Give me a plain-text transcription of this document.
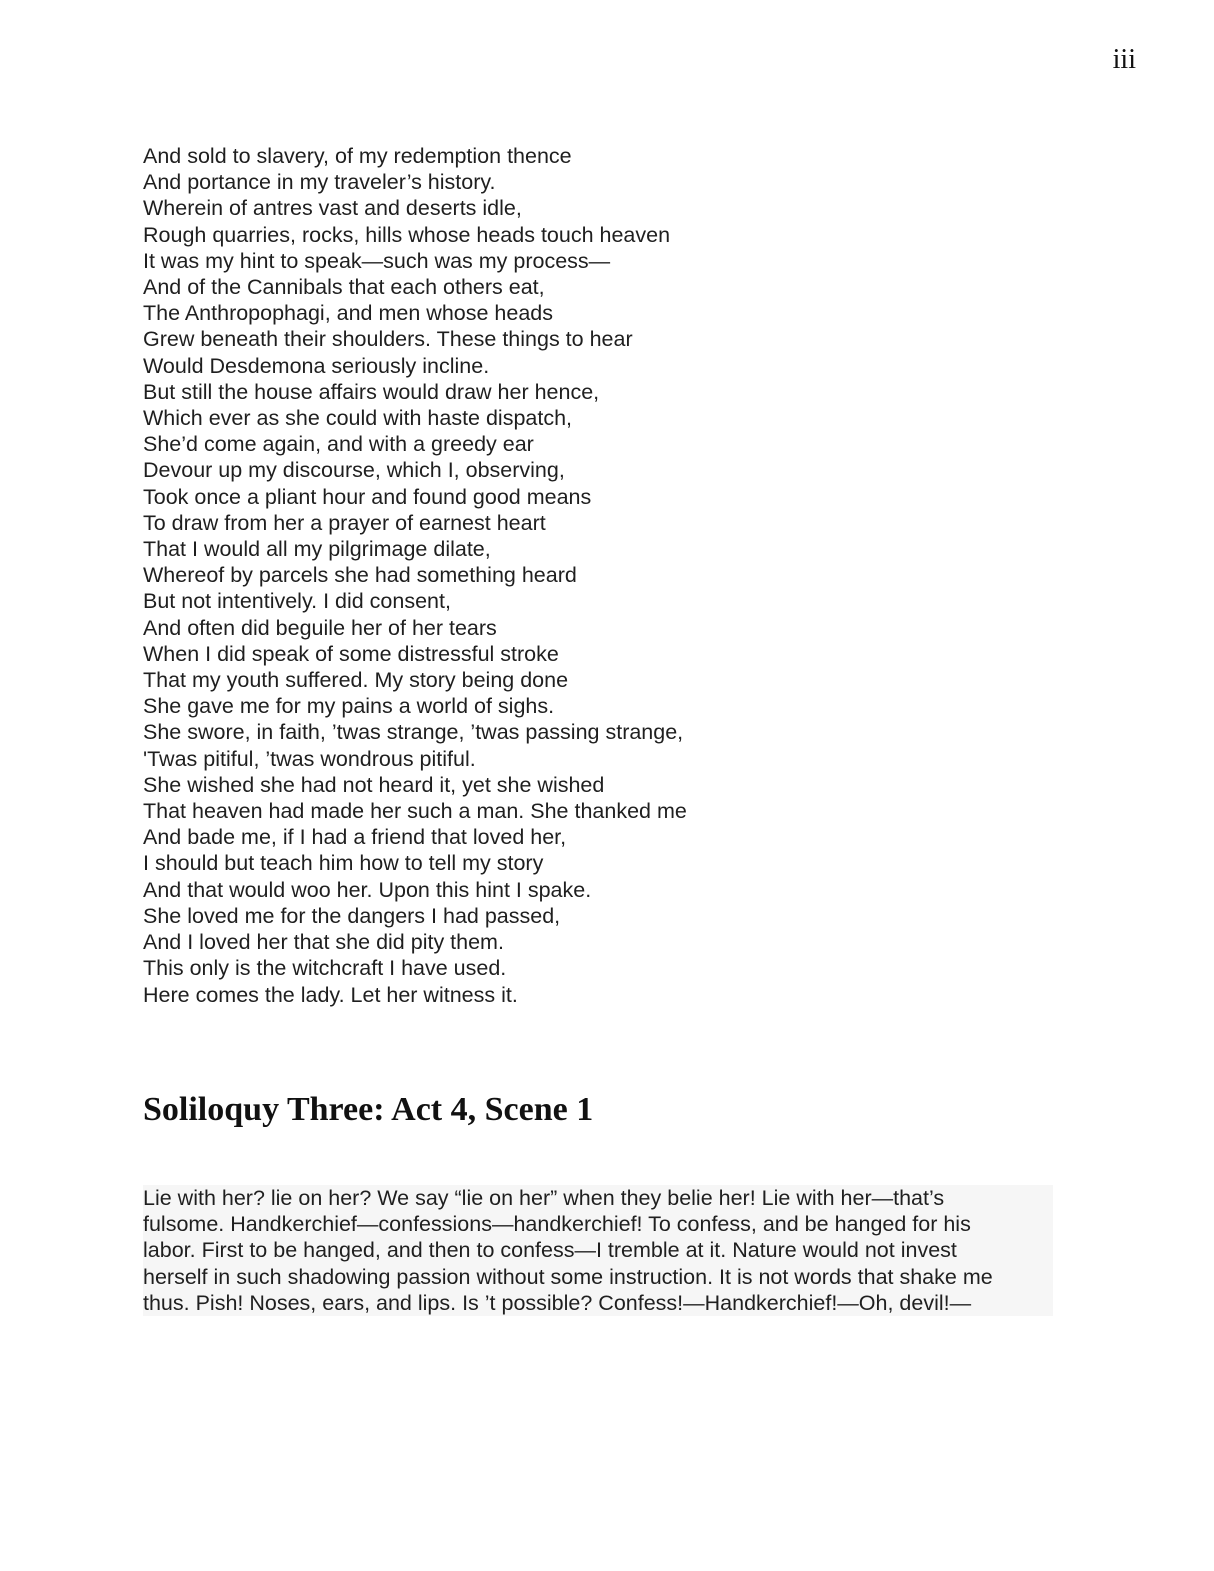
iii
And sold to slavery, of my redemption thence
And portance in my traveler’s history.
Wherein of antres vast and deserts idle,
Rough quarries, rocks, hills whose heads touch heaven
It was my hint to speak—such was my process—
And of the Cannibals that each others eat,
The Anthropophagi, and men whose heads
Grew beneath their shoulders. These things to hear
Would Desdemona seriously incline.
But still the house affairs would draw her hence,
Which ever as she could with haste dispatch,
She’d come again, and with a greedy ear
Devour up my discourse, which I, observing,
Took once a pliant hour and found good means
To draw from her a prayer of earnest heart
That I would all my pilgrimage dilate,
Whereof by parcels she had something heard
But not intentively. I did consent,
And often did beguile her of her tears
When I did speak of some distressful stroke
That my youth suffered. My story being done
She gave me for my pains a world of sighs.
She swore, in faith, ’twas strange, ’twas passing strange,
'Twas pitiful, ’twas wondrous pitiful.
She wished she had not heard it, yet she wished
That heaven had made her such a man. She thanked me
And bade me, if I had a friend that loved her,
I should but teach him how to tell my story
And that would woo her. Upon this hint I spake.
She loved me for the dangers I had passed,
And I loved her that she did pity them.
This only is the witchcraft I have used.
Here comes the lady. Let her witness it.
Soliloquy Three: Act 4, Scene 1
Lie with her? lie on her? We say “lie on her” when they belie her! Lie with her—that’s
fulsome. Handkerchief—confessions—handkerchief! To confess, and be hanged for his
labor. First to be hanged, and then to confess—I tremble at it. Nature would not invest
herself in such shadowing passion without some instruction. It is not words that shake me
thus. Pish! Noses, ears, and lips. Is ’t possible? Confess!—Handkerchief!—Oh, devil!—
